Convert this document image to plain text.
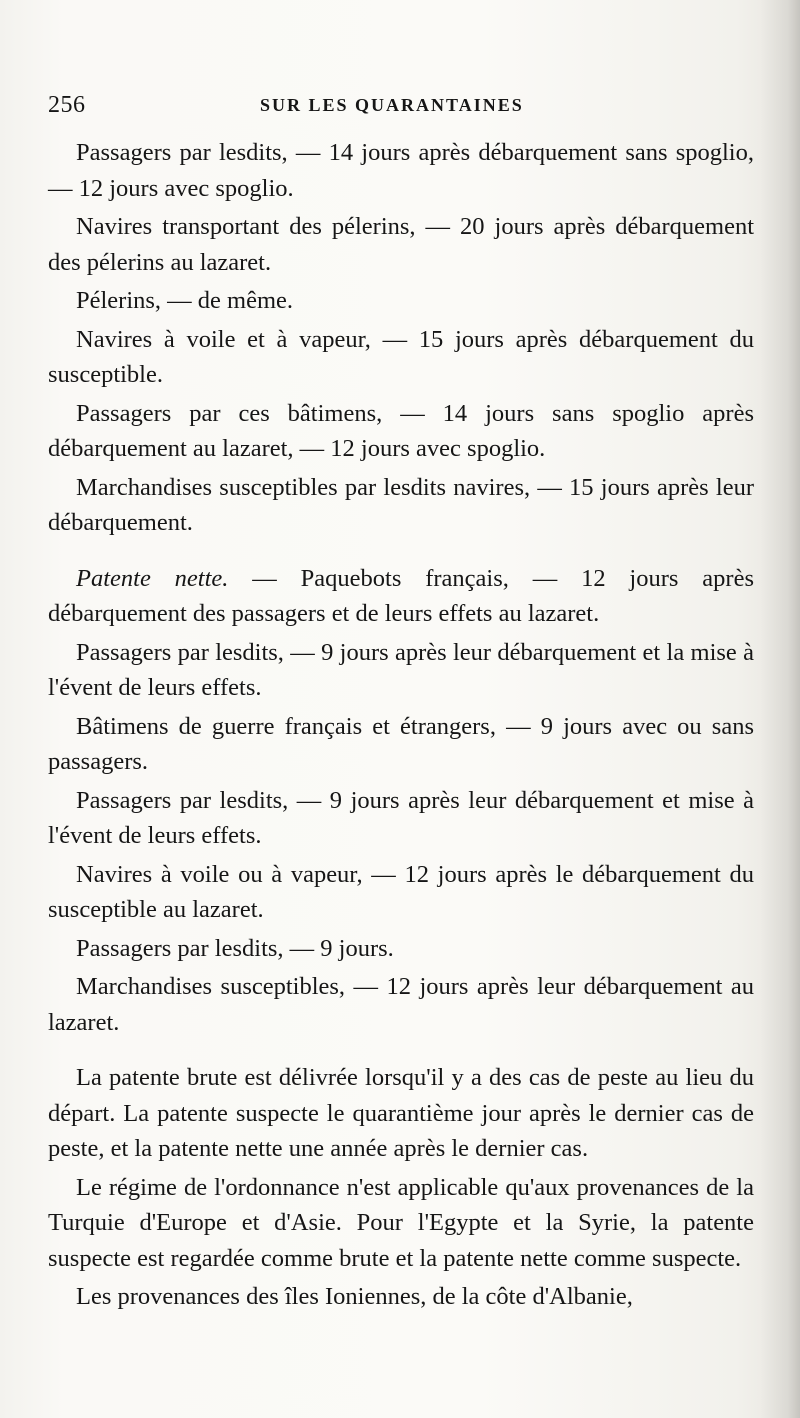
256	SUR LES QUARANTAINES

Passagers par lesdits, — 14 jours après débarquement sans spoglio, — 12 jours avec spoglio.

Navires transportant des pélerins, — 20 jours après débarquement des pélerins au lazaret.

Pélerins, — de même.

Navires à voile et à vapeur, — 15 jours après débarquement du susceptible.

Passagers par ces bâtimens, — 14 jours sans spoglio après débarquement au lazaret, — 12 jours avec spoglio.

Marchandises susceptibles par lesdits navires, — 15 jours après leur débarquement.

Patente nette. — Paquebots français, — 12 jours après débarquement des passagers et de leurs effets au lazaret.

Passagers par lesdits, — 9 jours après leur débarquement et la mise à l'évent de leurs effets.

Bâtimens de guerre français et étrangers, — 9 jours avec ou sans passagers.

Passagers par lesdits, — 9 jours après leur débarquement et mise à l'évent de leurs effets.

Navires à voile ou à vapeur, — 12 jours après le débarquement du susceptible au lazaret.

Passagers par lesdits, — 9 jours.

Marchandises susceptibles, — 12 jours après leur débarquement au lazaret.

La patente brute est délivrée lorsqu'il y a des cas de peste au lieu du départ. La patente suspecte le quarantième jour après le dernier cas de peste, et la patente nette une année après le dernier cas.

Le régime de l'ordonnance n'est applicable qu'aux provenances de la Turquie d'Europe et d'Asie. Pour l'Egypte et la Syrie, la patente suspecte est regardée comme brute et la patente nette comme suspecte.

Les provenances des îles Ioniennes, de la côte d'Albanie,
